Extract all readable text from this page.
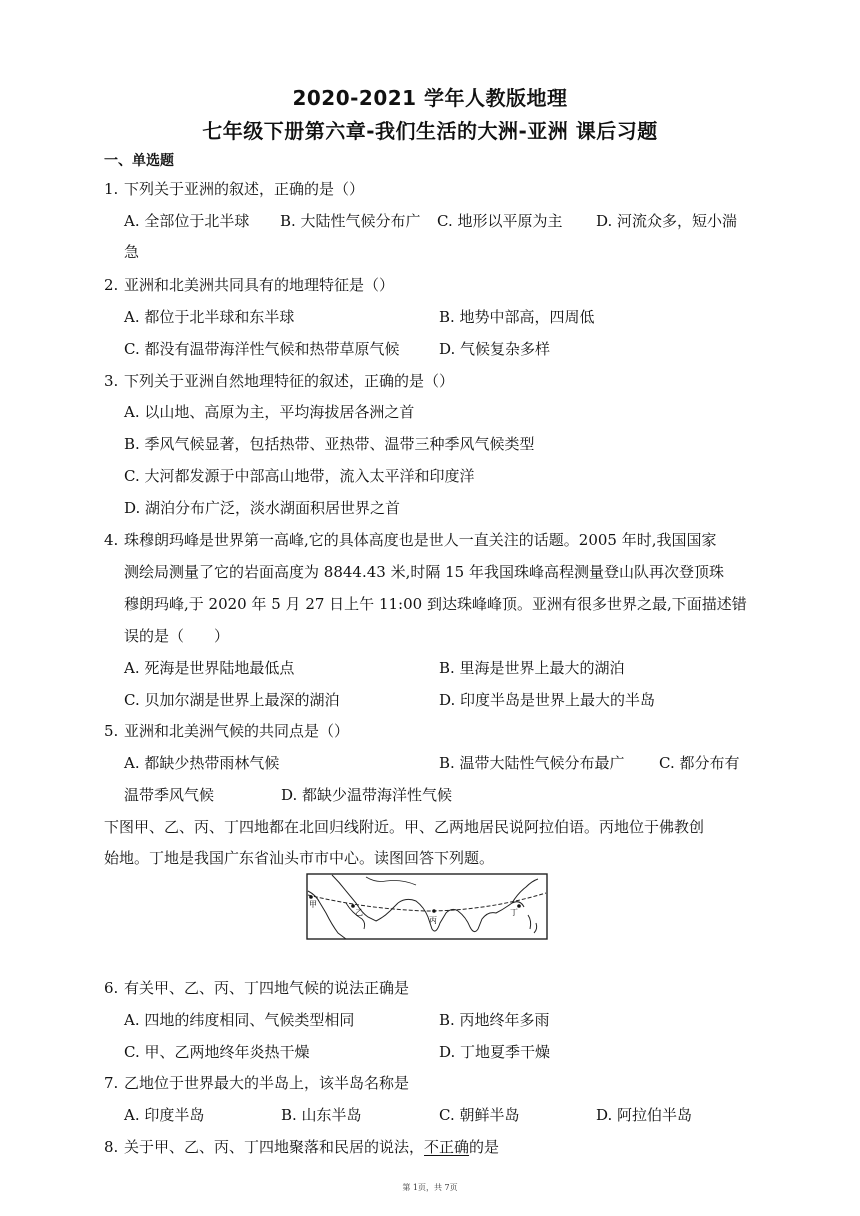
2020-2021 学年人教版地理
七年级下册第六章-我们生活的大洲-亚洲 课后习题
一、单选题
1. 下列关于亚洲的叙述，正确的是（）
A. 全部位于北半球 B. 大陆性气候分布广 C. 地形以平原为主 D. 河流众多，短小湍
急
2. 亚洲和北美洲共同具有的地理特征是（）
A. 都位于北半球和东半球	B. 地势中部高，四周低
C. 都没有温带海洋性气候和热带草原气候	D. 气候复杂多样
3. 下列关于亚洲自然地理特征的叙述，正确的是（）
A. 以山地、高原为主，平均海拔居各洲之首
B. 季风气候显著，包括热带、亚热带、温带三种季风气候类型
C. 大河都发源于中部高山地带，流入太平洋和印度洋
D. 湖泊分布广泛，淡水湖面积居世界之首
4. 珠穆朗玛峰是世界第一高峰,它的具体高度也是世人一直关注的话题。2005 年时,我国国家
测绘局测量了它的岩面高度为 8844.43 米,时隔 15 年我国珠峰高程测量登山队再次登顶珠
穆朗玛峰,于 2020 年 5 月 27 日上午 11:00 到达珠峰峰顶。亚洲有很多世界之最,下面描述错
误的是（　　）
A. 死海是世界陆地最低点	B. 里海是世界上最大的湖泊
C. 贝加尔湖是世界上最深的湖泊	D. 印度半岛是世界上最大的半岛
5. 亚洲和北美洲气候的共同点是（）
A. 都缺少热带雨林气候	B. 温带大陆性气候分布最广 C. 都分布有
温带季风气候	D. 都缺少温带海洋性气候
下图甲、乙、丙、丁四地都在北回归线附近。甲、乙两地居民说阿拉伯语。丙地位于佛教创
始地。丁地是我国广东省汕头市市中心。读图回答下列题。
甲
乙
丙
丁
6. 有关甲、乙、丙、丁四地气候的说法正确是
A. 四地的纬度相同、气候类型相同	B. 丙地终年多雨
C. 甲、乙两地终年炎热干燥	D. 丁地夏季干燥
7. 乙地位于世界最大的半岛上，该半岛名称是
A. 印度半岛	B. 山东半岛	C. 朝鲜半岛	D. 阿拉伯半岛
8. 关于甲、乙、丙、丁四地聚落和民居的说法，不正确的是
第 1页，共 7页
